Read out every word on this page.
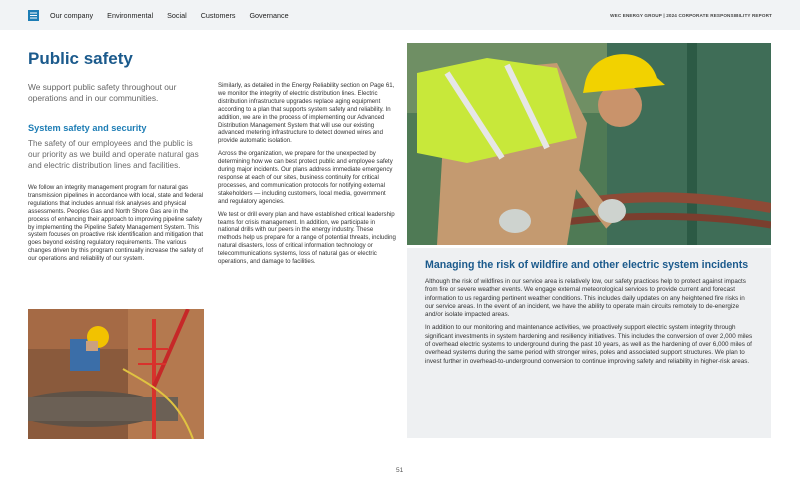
Our company Environmental Social Customers Governance	WEC ENERGY GROUP | 2024 CORPORATE RESPONSIBILITY REPORT
Public safety

We support public safety throughout our operations and in our communities.

System safety and security

The safety of our employees and the public is our priority as we build and operate natural gas and electric distribution lines and facilities.

We follow an integrity management program for natural gas transmission pipelines in accordance with local, state and federal regulations that includes annual risk analyses and physical assessments. Peoples Gas and North Shore Gas are in the process of enhancing their approach to improving pipeline safety by implementing the Pipeline Safety Management System. This system focuses on proactive risk identification and mitigation that goes beyond existing regulatory requirements. The various changes driven by this program continually increase the safety of our operations and reliability of our system.

Similarly, as detailed in the Energy Reliability section on Page 61, we monitor the integrity of electric distribution lines. Electric distribution infrastructure upgrades replace aging equipment according to a plan that supports system safety and reliability. In addition, we are in the process of implementing our Advanced Distribution Management System that will use our existing advanced metering infrastructure to detect downed wires and provide automatic isolation.

Across the organization, we prepare for the unexpected by determining how we can best protect public and employee safety during major incidents. Our plans address immediate emergency response at each of our sites, business continuity for critical processes, and communication protocols for notifying external stakeholders — including customers, local media, government and regulatory agencies.

We test or drill every plan and have established critical leadership teams for crisis management. In addition, we participate in national drills with our peers in the energy industry. These methods help us prepare for a range of potential threats, including natural disasters, loss of critical information technology or telecommunications systems, loss of natural gas or electric operations, and damage to facilities.	Managing the risk of wildfire and other electric system incidents

Although the risk of wildfires in our service area is relatively low, our safety practices help to protect against impacts from fire or severe weather events. We engage external meteorological services to provide current and forecast information to us regarding pertinent weather conditions. This includes daily updates on any heightened fire risks in our service areas. In the event of an incident, we have the ability to operate main circuits remotely to de-energize and/or isolate impacted areas.

In addition to our monitoring and maintenance activities, we proactively support electric system integrity through significant investments in system hardening and resiliency initiatives. This includes the conversion of over 2,000 miles of overhead electric systems to underground during the past 10 years, as well as the hardening of over 6,000 miles of overhead systems during the same period with stronger wires, poles and associated support structures. We plan to invest further in overhead-to-underground conversion to continue improving safety and reliability in higher-risk areas.

51
